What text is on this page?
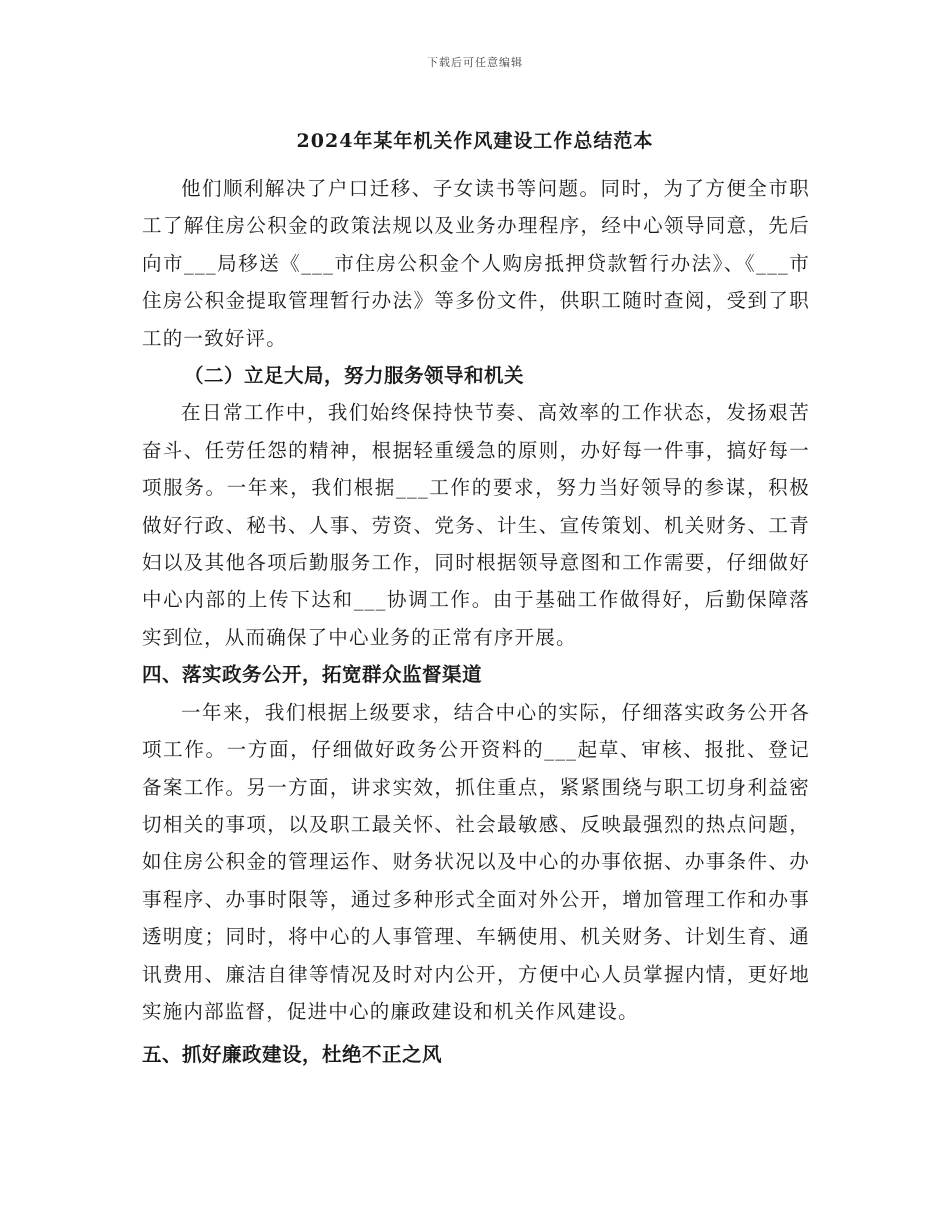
下载后可任意编辑
2024年某年机关作风建设工作总结范本

他们顺利解决了户口迁移、子女读书等问题。同时，为了方便全市职工了解住房公积金的政策法规以及业务办理程序，经中心领导同意，先后向市___局移送《___市住房公积金个人购房抵押贷款暂行办法》、《___市住房公积金提取管理暂行办法》等多份文件，供职工随时查阅，受到了职工的一致好评。

（二）立足大局，努力服务领导和机关

在日常工作中，我们始终保持快节奏、高效率的工作状态，发扬艰苦奋斗、任劳任怨的精神，根据轻重缓急的原则，办好每一件事，搞好每一项服务。一年来，我们根据___工作的要求，努力当好领导的参谋，积极做好行政、秘书、人事、劳资、党务、计生、宣传策划、机关财务、工青妇以及其他各项后勤服务工作，同时根据领导意图和工作需要，仔细做好中心内部的上传下达和___协调工作。由于基础工作做得好，后勤保障落实到位，从而确保了中心业务的正常有序开展。

四、落实政务公开，拓宽群众监督渠道

一年来，我们根据上级要求，结合中心的实际，仔细落实政务公开各项工作。一方面，仔细做好政务公开资料的___起草、审核、报批、登记备案工作。另一方面，讲求实效，抓住重点，紧紧围绕与职工切身利益密切相关的事项，以及职工最关怀、社会最敏感、反映最强烈的热点问题，如住房公积金的管理运作、财务状况以及中心的办事依据、办事条件、办事程序、办事时限等，通过多种形式全面对外公开，增加管理工作和办事透明度；同时，将中心的人事管理、车辆使用、机关财务、计划生育、通讯费用、廉洁自律等情况及时对内公开，方便中心人员掌握内情，更好地实施内部监督，促进中心的廉政建设和机关作风建设。

五、抓好廉政建设，杜绝不正之风
